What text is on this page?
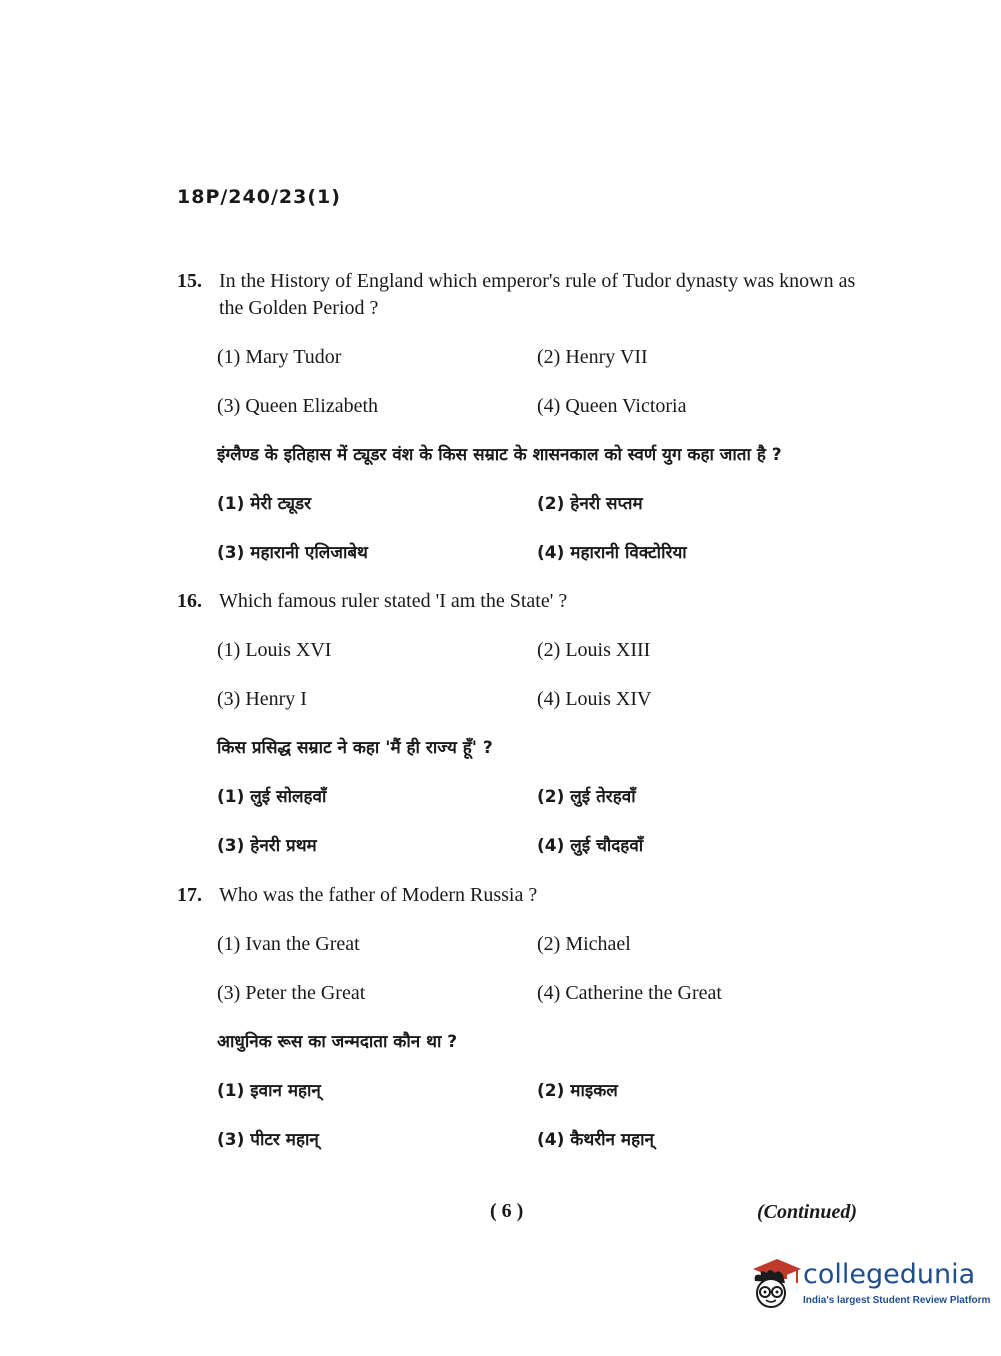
18P/240/23(1)
15. In the History of England which emperor's rule of Tudor dynasty was known as the Golden Period ?
(1) Mary Tudor	(2) Henry VII
(3) Queen Elizabeth	(4) Queen Victoria
इंग्लैण्ड के इतिहास में ट्यूडर वंश के किस सम्राट के शासनकाल को स्वर्ण युग कहा जाता है ?
(1) मेरी ट्यूडर	(2) हेनरी सप्तम
(3) महारानी एलिजाबेथ	(4) महारानी विक्टोरिया
16. Which famous ruler stated 'I am the State' ?
(1) Louis XVI	(2) Louis XIII
(3) Henry I	(4) Louis XIV
किस प्रसिद्ध सम्राट ने कहा 'मैं ही राज्य हूँ' ?
(1) लुई सोलहवाँ	(2) लुई तेरहवाँ
(3) हेनरी प्रथम	(4) लुई चौदहवाँ
17. Who was the father of Modern Russia ?
(1) Ivan the Great	(2) Michael
(3) Peter the Great	(4) Catherine the Great
आधुनिक रूस का जन्मदाता कौन था ?
(1) इवान महान्	(2) माइकल
(3) पीटर महान्	(4) कैथरीन महान्
( 6 )	(Continued)
collegedunia
India's largest Student Review Platform
